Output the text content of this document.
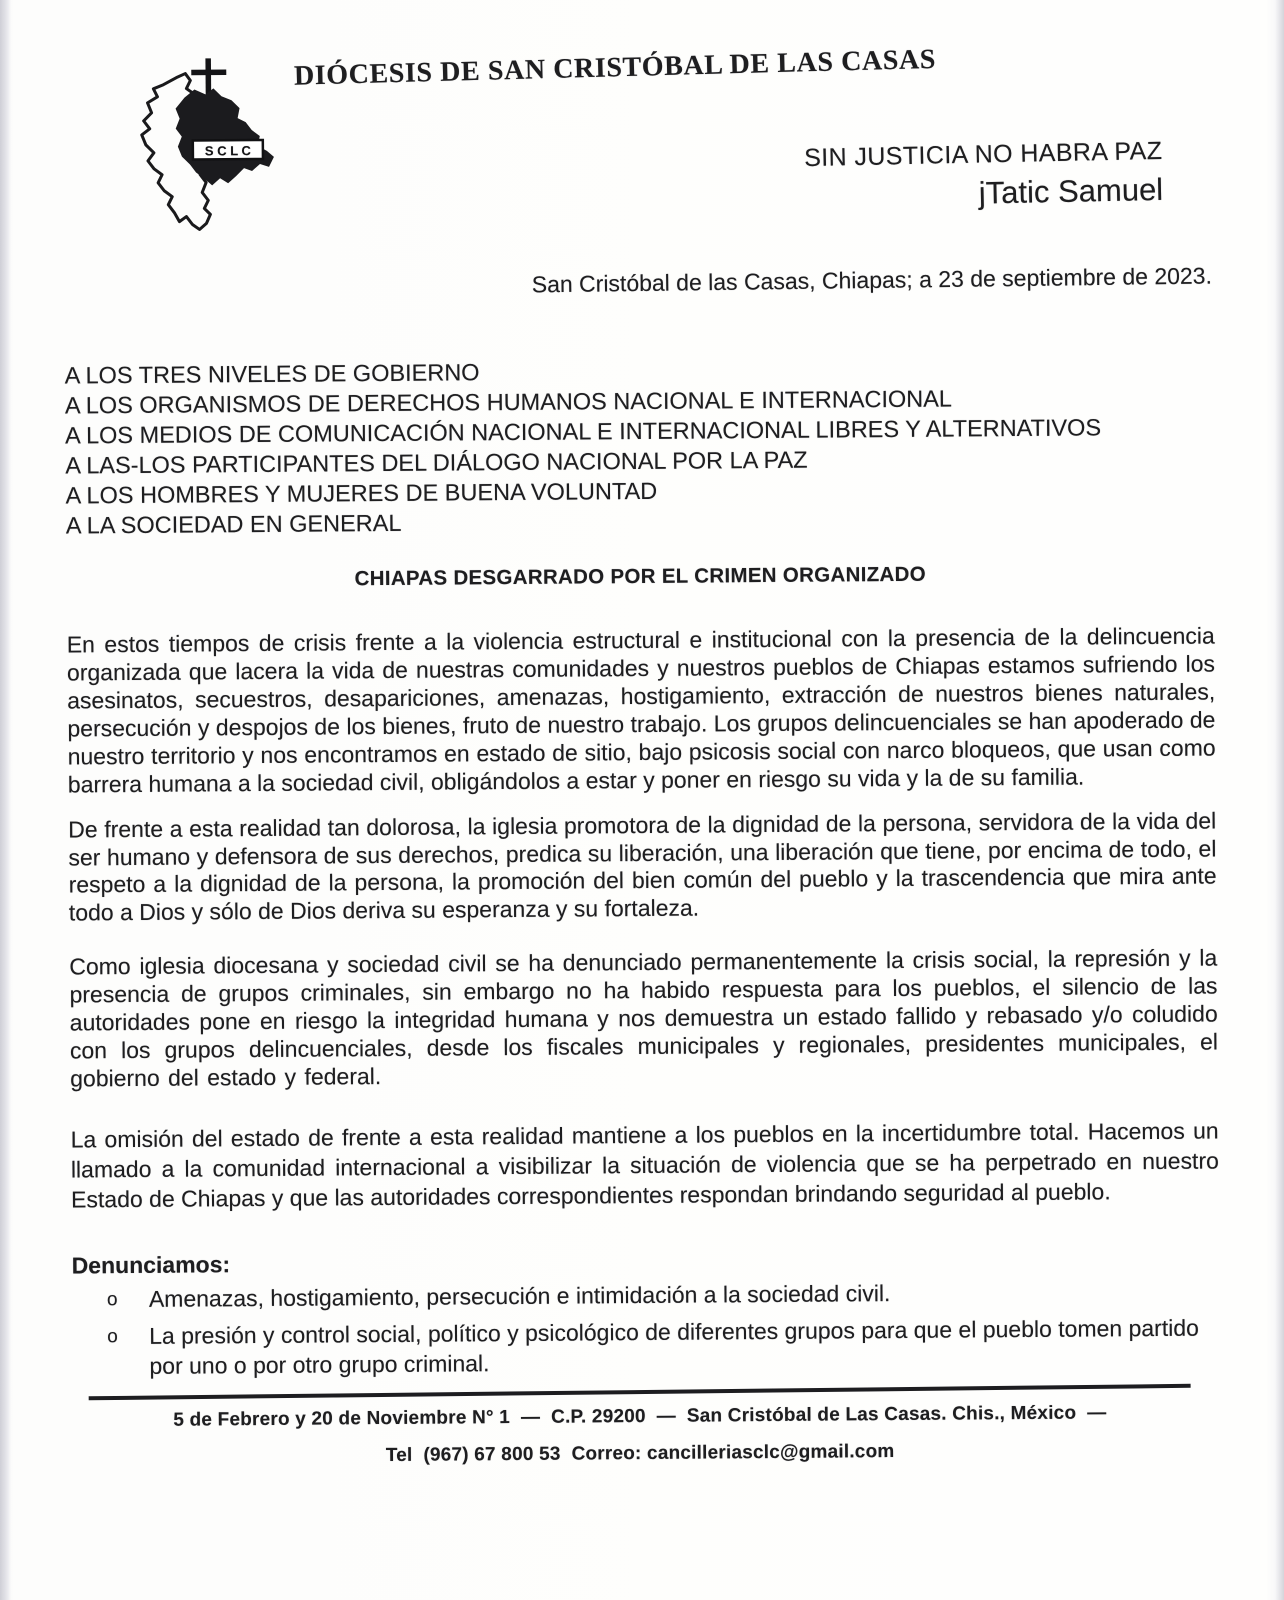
S C L C
DIÓCESIS DE SAN CRISTÓBAL DE LAS CASAS
SIN JUSTICIA NO HABRA PAZ
jTatic Samuel
San Cristóbal de las Casas, Chiapas; a 23 de septiembre de 2023.
A LOS TRES NIVELES DE GOBIERNO
A LOS ORGANISMOS DE DERECHOS HUMANOS NACIONAL E INTERNACIONAL
A LOS MEDIOS DE COMUNICACIÓN NACIONAL E INTERNACIONAL LIBRES Y ALTERNATIVOS
A LAS-LOS PARTICIPANTES DEL DIÁLOGO NACIONAL POR LA PAZ
A LOS HOMBRES Y MUJERES DE BUENA VOLUNTAD
A LA SOCIEDAD EN GENERAL
CHIAPAS DESGARRADO POR EL CRIMEN ORGANIZADO

En estos tiempos de crisis frente a la violencia estructural e institucional con la presencia de la delincuencia organizada que lacera la vida de nuestras comunidades y nuestros pueblos de Chiapas estamos sufriendo los asesinatos, secuestros, desapariciones, amenazas, hostigamiento, extracción de nuestros bienes naturales, persecución y despojos de los bienes, fruto de nuestro trabajo. Los grupos delincuenciales se han apoderado de nuestro territorio y nos encontramos en estado de sitio, bajo psicosis social con narco bloqueos, que usan como barrera humana a la sociedad civil, obligándolos a estar y poner en riesgo su vida y la de su familia.

De frente a esta realidad tan dolorosa, la iglesia promotora de la dignidad de la persona, servidora de la vida del ser humano y defensora de sus derechos, predica su liberación, una liberación que tiene, por encima de todo, el respeto a la dignidad de la persona, la promoción del bien común del pueblo y la trascendencia que mira ante todo a Dios y sólo de Dios deriva su esperanza y su fortaleza.

Como iglesia diocesana y sociedad civil se ha denunciado permanentemente la crisis social, la represión y la presencia de grupos criminales, sin embargo no ha habido respuesta para los pueblos, el silencio de las autoridades pone en riesgo la integridad humana y nos demuestra un estado fallido y rebasado y/o coludido con los grupos delincuenciales, desde los fiscales municipales y regionales, presidentes municipales, el gobierno del estado y federal.

La omisión del estado de frente a esta realidad mantiene a los pueblos en la incertidumbre total. Hacemos un llamado a la comunidad internacional a visibilizar la situación de violencia que se ha perpetrado en nuestro Estado de Chiapas y que las autoridades correspondientes respondan brindando seguridad al pueblo.

Denunciamos:
o	Amenazas, hostigamiento, persecución e intimidación a la sociedad civil.
o	La presión y control social, político y psicológico de diferentes grupos para que el pueblo tomen partido por uno o por otro grupo criminal.
5 de Febrero y 20 de Noviembre N° 1  —  C.P. 29200  —  San Cristóbal de Las Casas. Chis., México  —
Tel  (967) 67 800 53  Correo: cancilleriasclc@gmail.com
